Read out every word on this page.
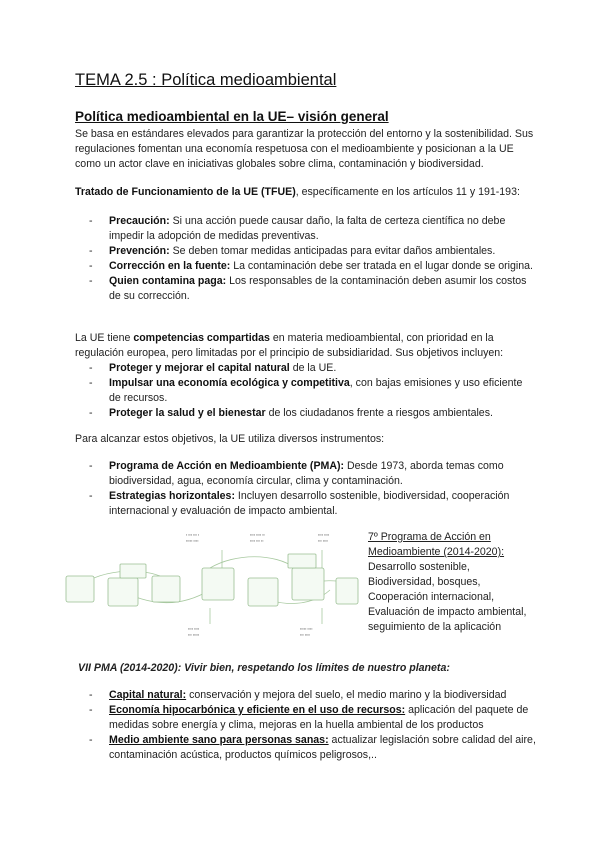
TEMA 2.5 : Política medioambiental
Política medioambiental en la UE– visión general
Se basa en estándares elevados para garantizar la protección del entorno y la sostenibilidad. Sus regulaciones fomentan una economía respetuosa con el medioambiente y posicionan a la UE como un actor clave en iniciativas globales sobre clima, contaminación y biodiversidad.
Tratado de Funcionamiento de la UE (TFUE), específicamente en los artículos 11 y 191-193:
- Precaución: Si una acción puede causar daño, la falta de certeza científica no debe impedir la adopción de medidas preventivas.
- Prevención: Se deben tomar medidas anticipadas para evitar daños ambientales.
- Corrección en la fuente: La contaminación debe ser tratada en el lugar donde se origina.
- Quien contamina paga: Los responsables de la contaminación deben asumir los costos de su corrección.
La UE tiene competencias compartidas en materia medioambiental, con prioridad en la regulación europea, pero limitadas por el principio de subsidiaridad. Sus objetivos incluyen:
- Proteger y mejorar el capital natural de la UE.
- Impulsar una economía ecológica y competitiva, con bajas emisiones y uso eficiente de recursos.
- Proteger la salud y el bienestar de los ciudadanos frente a riesgos ambientales.
Para alcanzar estos objetivos, la UE utiliza diversos instrumentos:
- Programa de Acción en Medioambiente (PMA): Desde 1973, aborda temas como biodiversidad, agua, economía circular, clima y contaminación.
- Estrategias horizontales: Incluyen desarrollo sostenible, biodiversidad, cooperación internacional y evaluación de impacto ambiental.
▪ ▪▪▪ ▪▪▪ ▪
▪▪▪▪▪ ▪▪▪▪
▪▪▪▪ ▪▪▪▪ ▪▪
▪▪▪▪ ▪▪▪ ▪▪
▪▪▪▪ ▪▪▪▪
▪▪▪ ▪▪▪▪
▪▪▪▪ ▪▪▪▪
▪▪▪ ▪▪▪▪▪
▪▪▪▪▪ ▪▪▪▪
▪▪▪ ▪▪▪▪
7º Programa de Acción en Medioambiente (2014-2020):
Desarrollo sostenible, Biodiversidad, bosques, Cooperación internacional, Evaluación de impacto ambiental, seguimiento de la aplicación
VII PMA (2014-2020): Vivir bien, respetando los límites de nuestro planeta:
- Capital natural: conservación y mejora del suelo, el medio marino y la biodiversidad
- Economía hipocarbónica y eficiente en el uso de recursos: aplicación del paquete de medidas sobre energía y clima, mejoras en la huella ambiental de los productos
- Medio ambiente sano para personas sanas: actualizar legislación sobre calidad del aire, contaminación acústica, productos químicos peligrosos,..
